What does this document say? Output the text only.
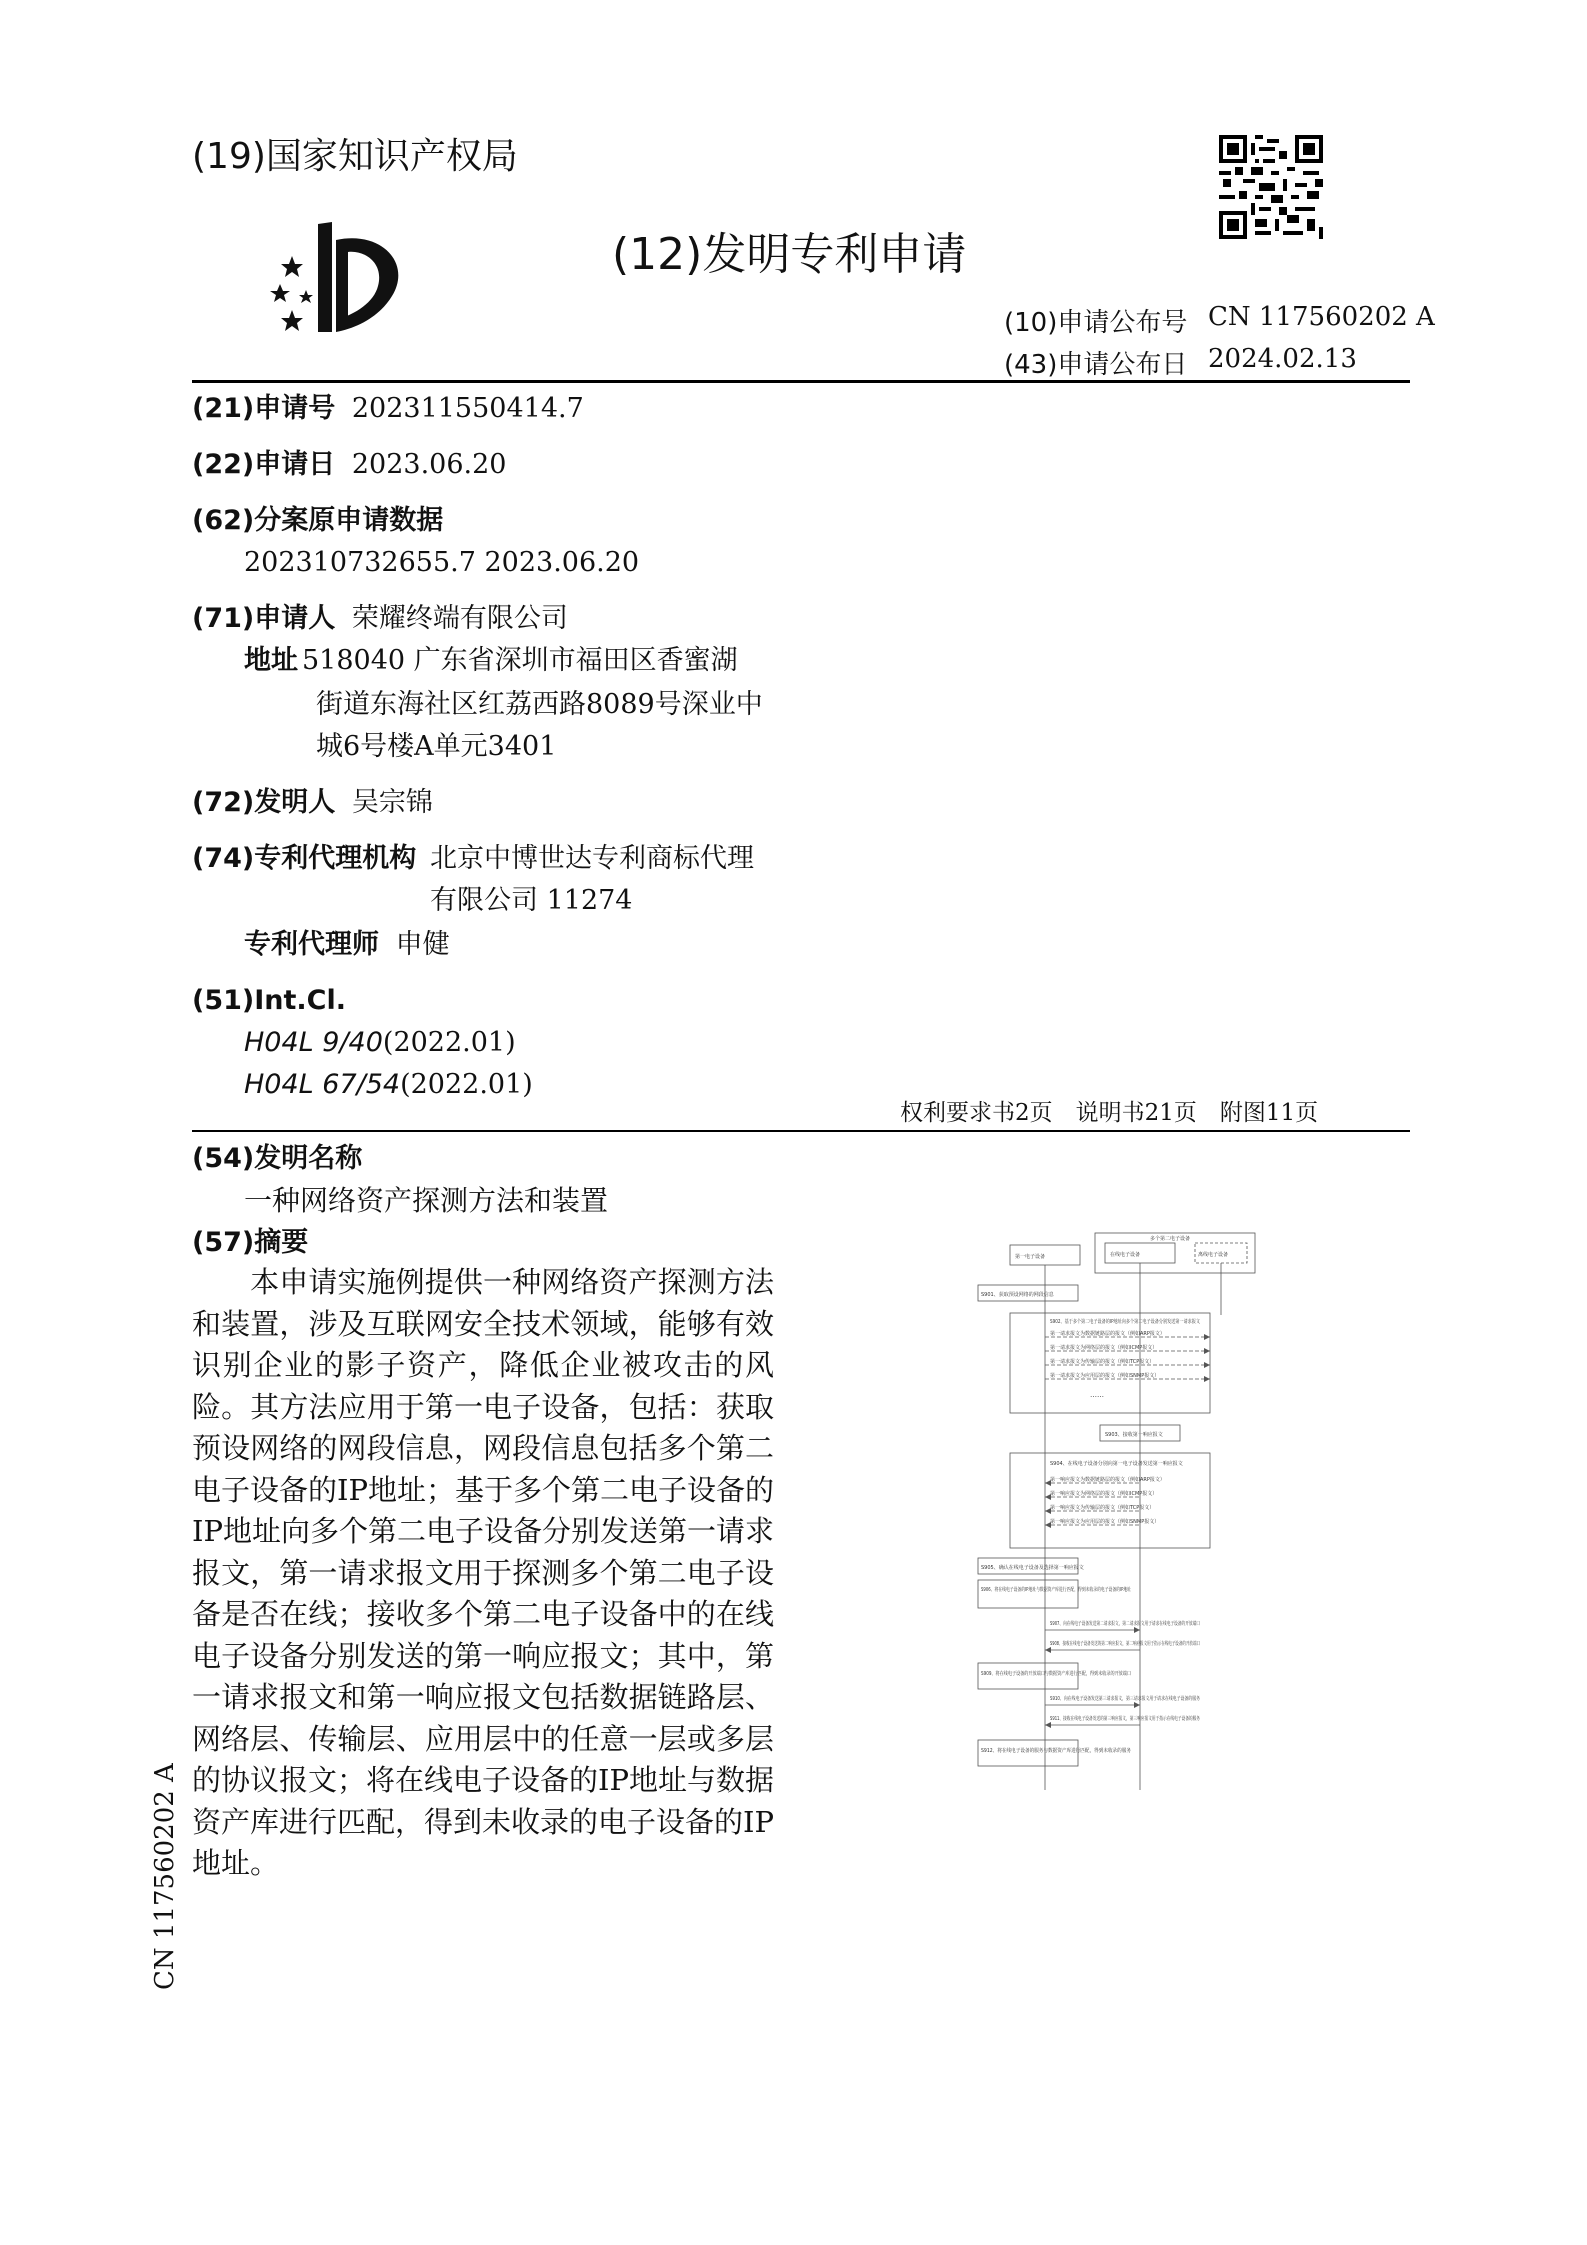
(19)国家知识产权局
(12)发明专利申请
(10)申请公布号 CN 117560202 A
(43)申请公布日 2024.02.13
(21)申请号 202311550414.7
(22)申请日 2023.06.20
(62)分案原申请数据
202310732655.7 2023.06.20
(71)申请人 荣耀终端有限公司
地址 518040 广东省深圳市福田区香蜜湖
街道东海社区红荔西路8089号深业中
城6号楼A单元3401
(72)发明人 吴宗锦
(74)专利代理机构 北京中博世达专利商标代理
有限公司 11274
专利代理师 申健
(51)Int.Cl.
H04L 9/40(2022.01)
H04L 67/54(2022.01)
权利要求书2页　说明书21页　附图11页
(54)发明名称
一种网络资产探测方法和装置
(57)摘要
本申请实施例提供一种网络资产探测方法和装置，涉及互联网安全技术领域，能够有效识别企业的影子资产，降低企业被攻击的风险。其方法应用于第一电子设备，包括：获取预设网络的网段信息，网段信息包括多个第二电子设备的IP地址；基于多个第二电子设备的IP地址向多个第二电子设备分别发送第一请求报文，第一请求报文用于探测多个第二电子设备是否在线；接收多个第二电子设备中的在线电子设备分别发送的第一响应报文；其中，第一请求报文和第一响应报文包括数据链路层、网络层、传输层、应用层中的任意一层或多层的协议报文；将在线电子设备的IP地址与数据资产库进行匹配，得到未收录的电子设备的IP地址。
CN 117560202 A
第一电子设备	在线电子设备
多个第二电子设备
离线电子设备
S901、获取预设网络的网段信息
S902、基于多个第二电子设备的IP地址向多个第二电子设备分别发送第一请求报文
第一请求报文为数据链路层的报文（例如ARP报文）
第一请求报文为网络层的报文（例如ICMP报文）
第一请求报文为传输层的报文（例如TCP报文）
第一请求报文为应用层的报文（例如SNMP报文）
……
S903、接收第一响应报文
S904、在线电子设备分别向第一电子设备发送第一响应报文
第一响应报文为数据链路层的报文（例如ARP报文）
第一响应报文为网络层的报文（例如ICMP报文）
第一响应报文为传输层的报文（例如TCP报文）
第一响应报文为应用层的报文（例如SNMP报文）
S905、确认在线电子设备及选择第一响应报文
S906、将在线电子设备的IP地址与数据资产库进行匹配，得到未收录的电子设备的IP地址
S907、向在线电子设备发送第二请求报文，第二请求报文用于请求在线电子设备的开放端口
S908、接收在线电子设备发送的第二响应报文，第二响应报文用于指示在线电子设备的开放端口
S909、将在线电子设备的开放端口与数据资产库进行匹配，得到未收录的开放端口
S910、向在线电子设备发送第三请求报文，第三请求报文用于请求在线电子设备的服务
S911、接收在线电子设备发送的第三响应报文，第三响应报文用于指示在线电子设备的服务
S912、将在线电子设备的服务与数据资产库进行匹配，得到未收录的服务
